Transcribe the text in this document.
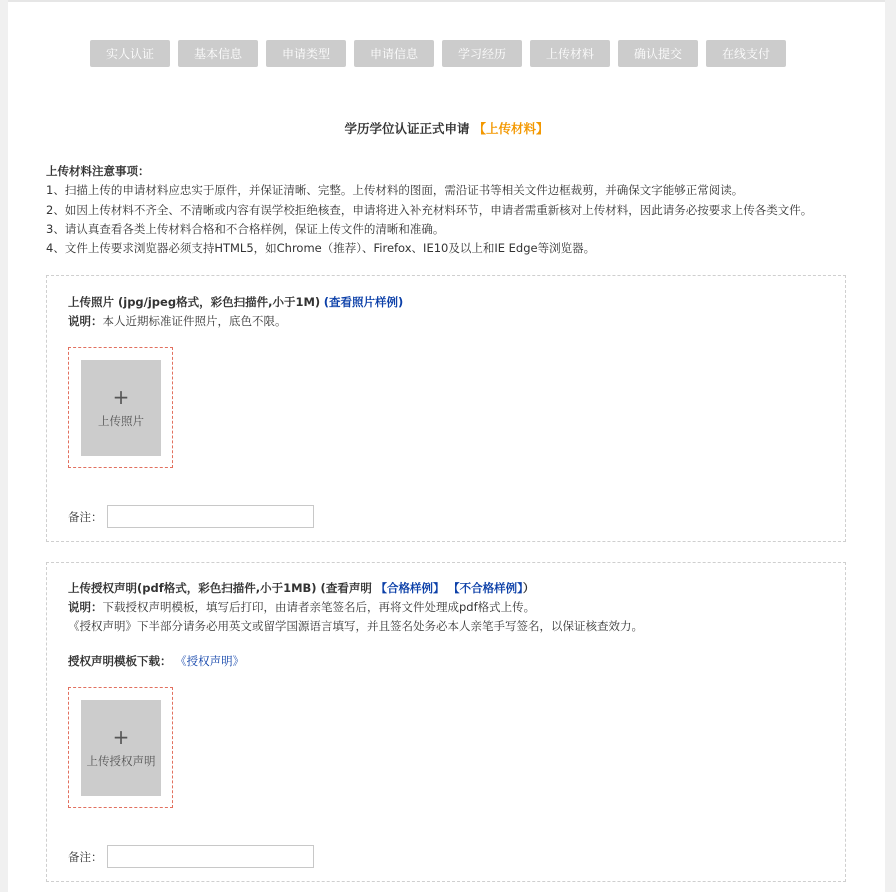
实人认证	基本信息	申请类型	申请信息	学习经历	上传材料	确认提交	在线支付
学历学位认证正式申请 【上传材料】
上传材料注意事项：
1、扫描上传的申请材料应忠实于原件，并保证清晰、完整。上传材料的图面，需沿证书等相关文件边框裁剪，并确保文字能够正常阅读。
2、如因上传材料不齐全、不清晰或内容有误学校拒绝核查，申请将进入补充材料环节，申请者需重新核对上传材料，因此请务必按要求上传各类文件。
3、请认真查看各类上传材料合格和不合格样例，保证上传文件的清晰和准确。
4、文件上传要求浏览器必须支持HTML5，如Chrome（推荐）、Firefox、IE10及以上和IE Edge等浏览器。
上传照片 (jpg/jpeg格式，彩色扫描件,小于1M) (查看照片样例)
说明：本人近期标准证件照片，底色不限。
+
上传照片
备注：
上传授权声明(pdf格式，彩色扫描件,小于1MB) (查看声明 【合格样例】 【不合格样例】）
说明：下载授权声明模板，填写后打印，由请者亲笔签名后，再将文件处理成pdf格式上传。
《授权声明》下半部分请务必用英文或留学国源语言填写，并且签名处务必本人亲笔手写签名，以保证核查效力。
授权声明模板下载： 《授权声明》
+
上传授权声明
备注：
